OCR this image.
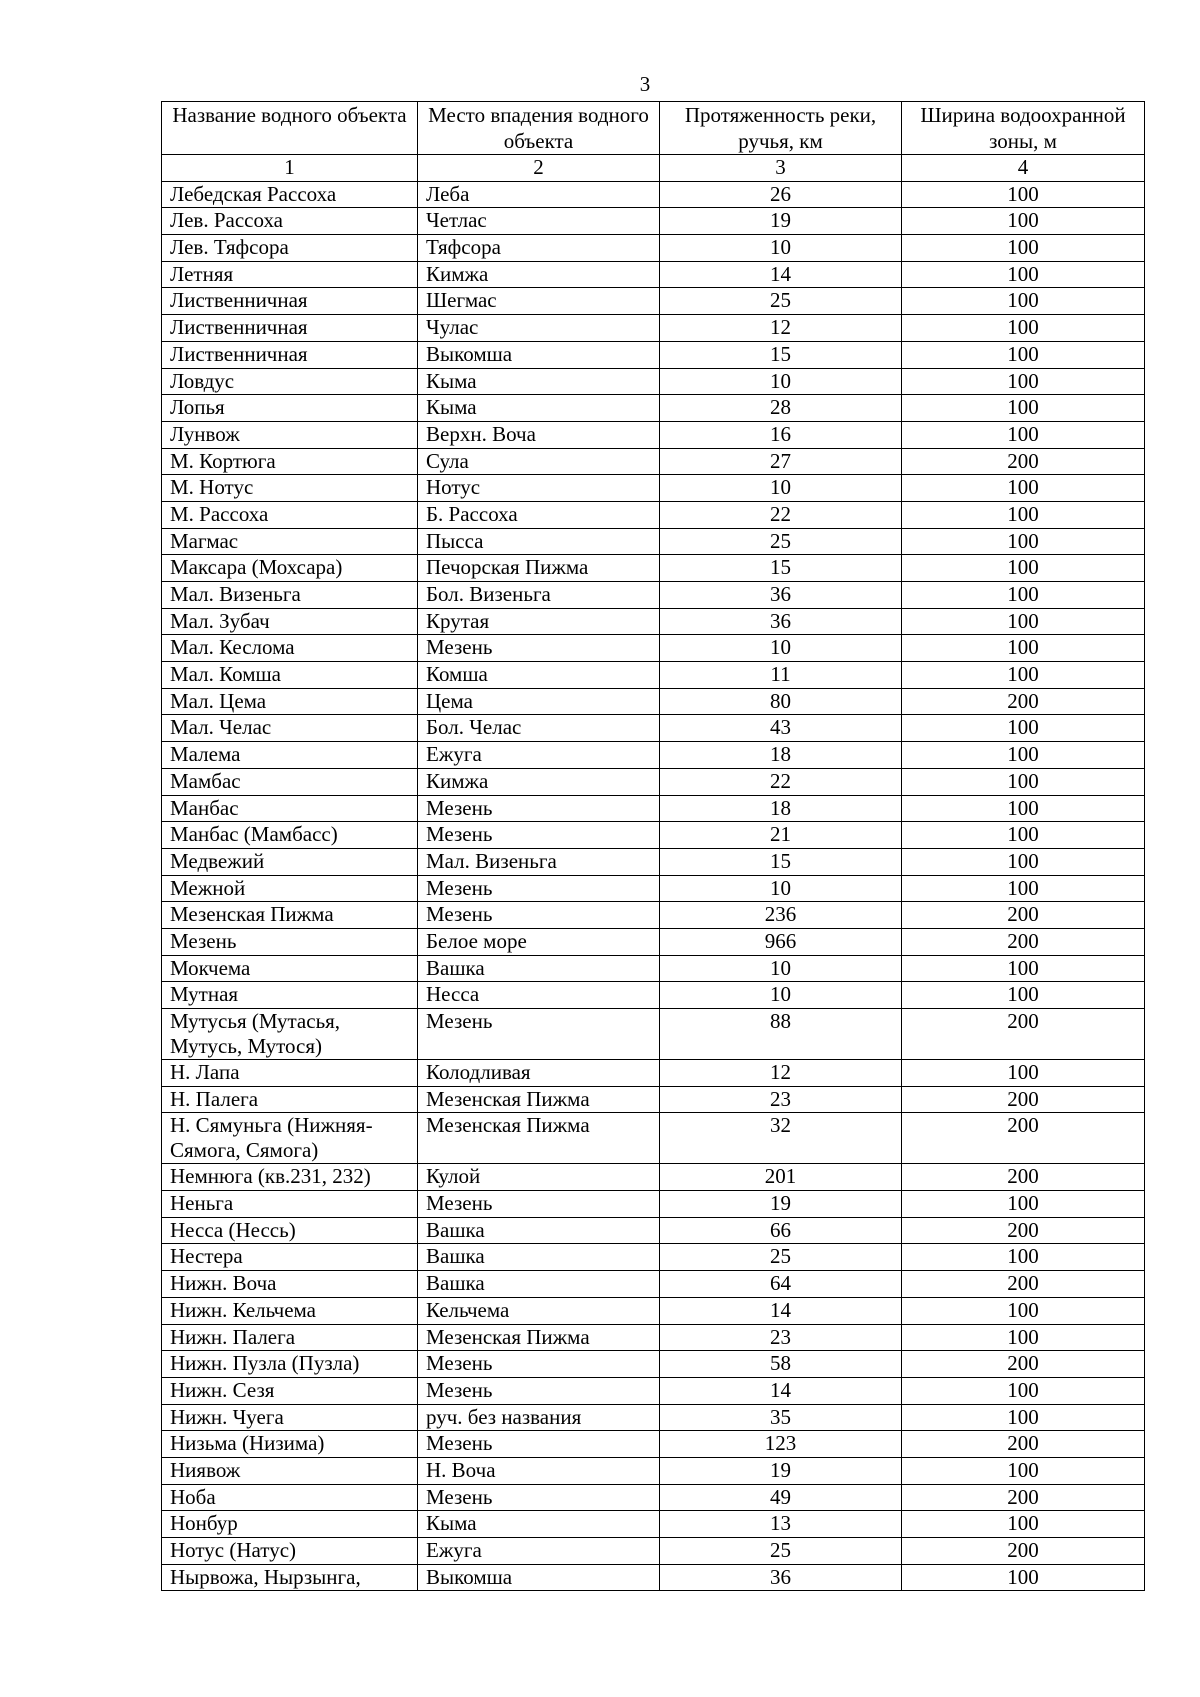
3
Название водного объекта	Место впадения водного объекта	Протяженность реки, ручья, км	Ширина водоохранной зоны, м
1	2	3	4
Лебедская Рассоха	Леба	26	100
Лев. Рассоха	Четлас	19	100
Лев. Тяфсора	Тяфсора	10	100
Летняя	Кимжа	14	100
Лиственничная	Шегмас	25	100
Лиственничная	Чулас	12	100
Лиственничная	Выкомша	15	100
Ловдус	Кыма	10	100
Лопья	Кыма	28	100
Лунвож	Верхн. Воча	16	100
М. Кортюга	Сула	27	200
М. Нотус	Нотус	10	100
М. Рассоха	Б. Рассоха	22	100
Магмас	Пысса	25	100
Максара (Мохсара)	Печорская Пижма	15	100
Мал. Визеньга	Бол. Визеньга	36	100
Мал. Зубач	Крутая	36	100
Мал. Кеслома	Мезень	10	100
Мал. Комша	Комша	11	100
Мал. Цема	Цема	80	200
Мал. Челас	Бол. Челас	43	100
Малема	Ежуга	18	100
Мамбас	Кимжа	22	100
Манбас	Мезень	18	100
Манбас (Мамбасс)	Мезень	21	100
Медвежий	Мал. Визеньга	15	100
Межной	Мезень	10	100
Мезенская Пижма	Мезень	236	200
Мезень	Белое море	966	200
Мокчема	Вашка	10	100
Мутная	Несса	10	100
Мутусья (Мутасья, Мутусь, Мутося)	Мезень	88	200
Н. Лапа	Колодливая	12	100
Н. Палега	Мезенская Пижма	23	200
Н. Сямуньга (Нижняя-Сямога, Сямога)	Мезенская Пижма	32	200
Немнюга (кв.231, 232)	Кулой	201	200
Неньга	Мезень	19	100
Несса (Нессь)	Вашка	66	200
Нестера	Вашка	25	100
Нижн. Воча	Вашка	64	200
Нижн. Кельчема	Кельчема	14	100
Нижн. Палега	Мезенская Пижма	23	100
Нижн. Пузла (Пузла)	Мезень	58	200
Нижн. Сезя	Мезень	14	100
Нижн. Чуега	руч. без названия	35	100
Низьма (Низима)	Мезень	123	200
Ниявож	Н. Воча	19	100
Ноба	Мезень	49	200
Нонбур	Кыма	13	100
Нотус (Натус)	Ежуга	25	200
Нырвожа, Нырзынга,	Выкомша	36	100
